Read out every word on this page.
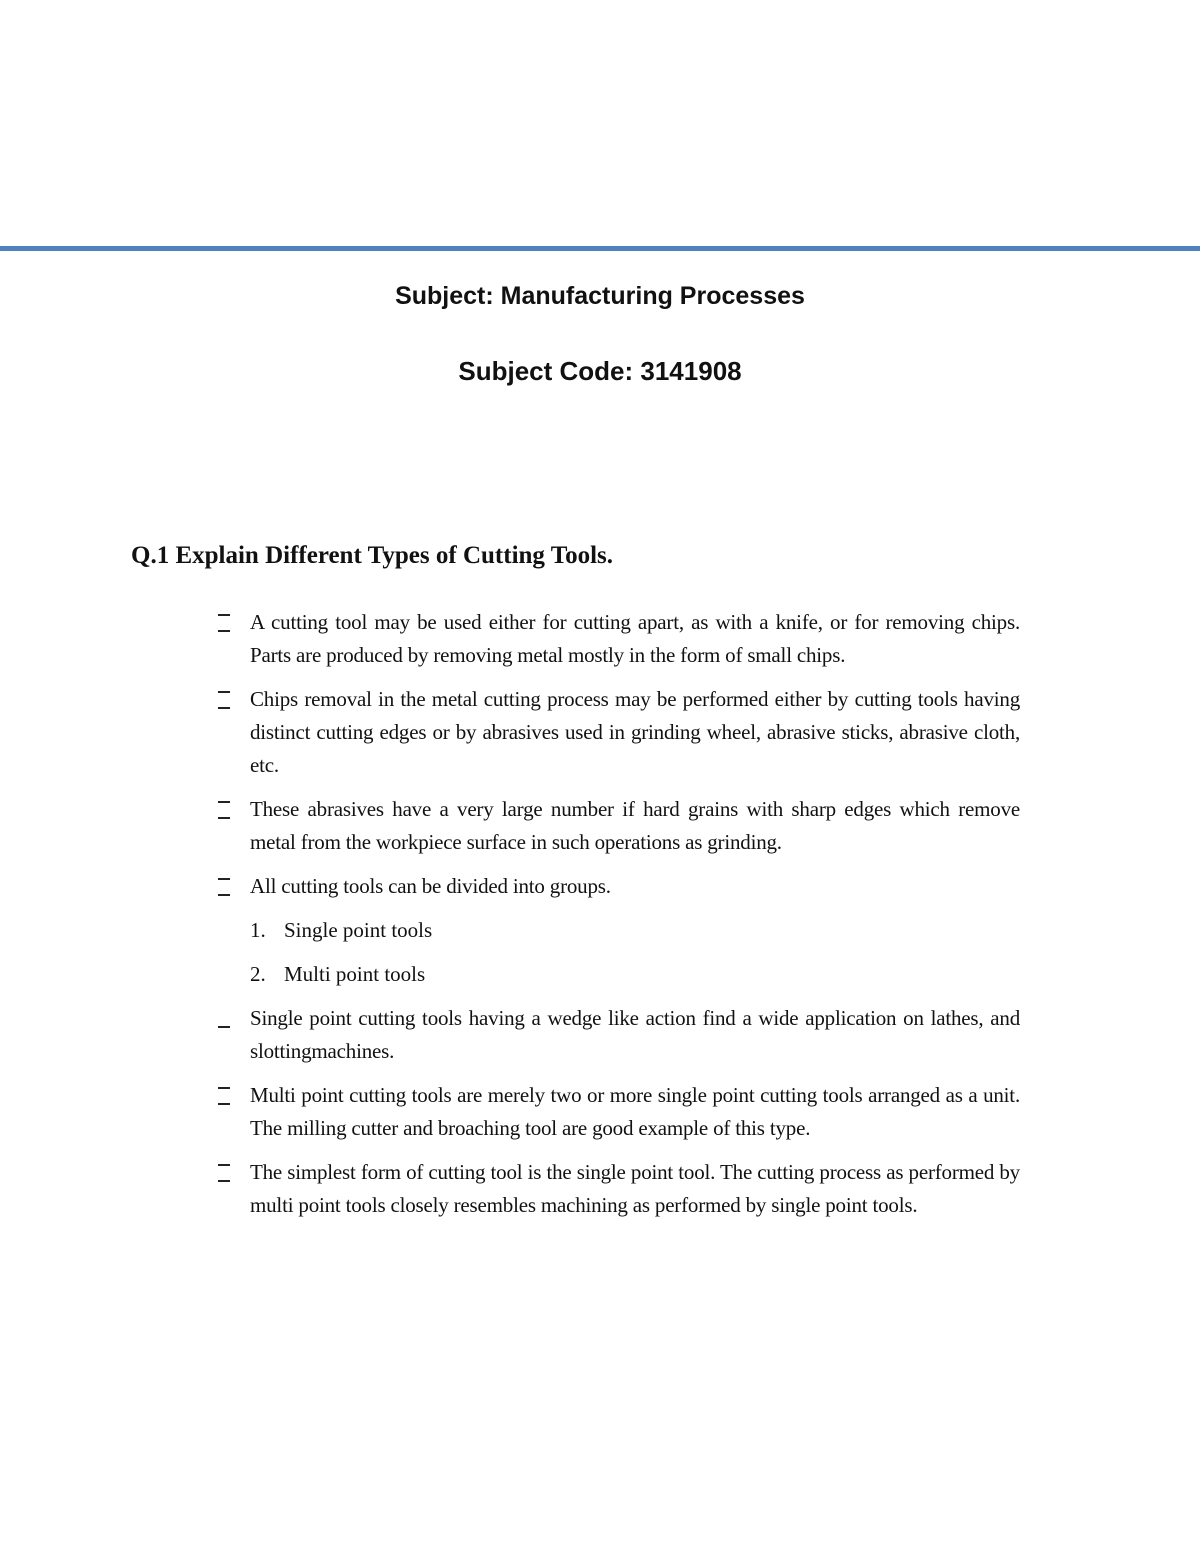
Subject: Manufacturing Processes
Subject Code: 3141908
Q.1 Explain Different Types of Cutting Tools.
A cutting tool may be used either for cutting apart, as with a knife, or for removing chips. Parts are produced by removing metal mostly in the form of small chips.
Chips removal in the metal cutting process may be performed either by cutting tools having distinct cutting edges or by abrasives used in grinding wheel, abrasive sticks, abrasive cloth, etc.
These abrasives have a very large number if hard grains with sharp edges which remove metal from the workpiece surface in such operations as grinding.
All cutting tools can be divided into groups.
1. Single point tools
2. Multi point tools
Single point cutting tools having a wedge like action find a wide application on lathes, and slottingmachines.
Multi point cutting tools are merely two or more single point cutting tools arranged as a unit. The milling cutter and broaching tool are good example of this type.
The simplest form of cutting tool is the single point tool. The cutting process as performed by multi point tools closely resembles machining as performed by single point tools.
